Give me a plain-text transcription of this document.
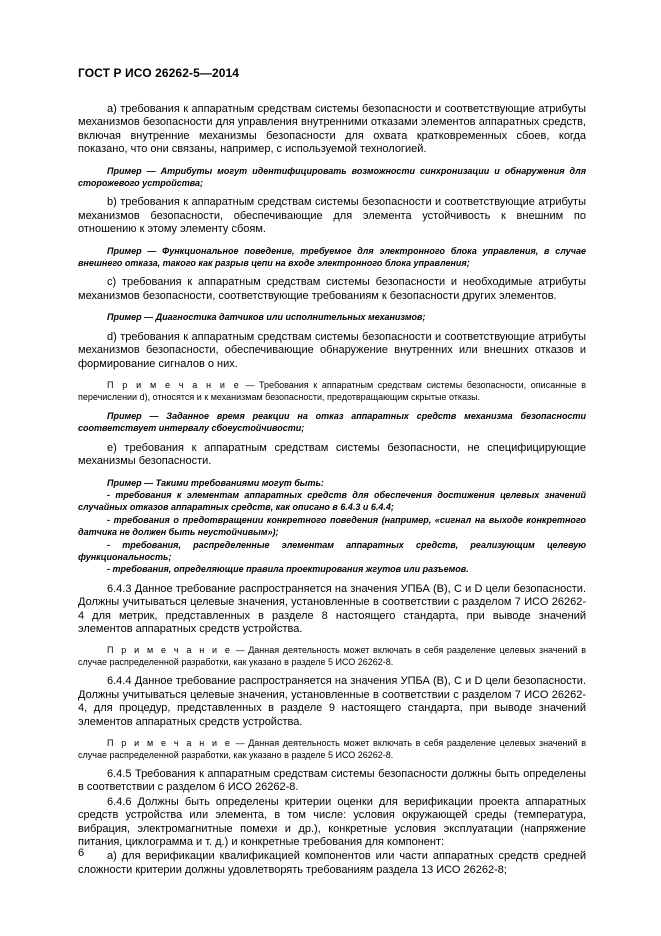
ГОСТ Р ИСО 26262-5—2014

а) требования к аппаратным средствам системы безопасности и соответствующие атрибуты механизмов безопасности для управления внутренними отказами элементов аппаратных средств, включая внутренние механизмы безопасности для охвата кратковременных сбоев, когда показано, что они связаны, например, с используемой технологией.

Пример — Атрибуты могут идентифицировать возможности синхронизации и обнаружения для сторожевого устройства;

b) требования к аппаратным средствам системы безопасности и соответствующие атрибуты механизмов безопасности, обеспечивающие для элемента устойчивость к внешним по отношению к этому элементу сбоям.

Пример — Функциональное поведение, требуемое для электронного блока управления, в случае внешнего отказа, такого как разрыв цепи на входе электронного блока управления;

c) требования к аппаратным средствам системы безопасности и необходимые атрибуты механизмов безопасности, соответствующие требованиям к безопасности других элементов.

Пример — Диагностика датчиков или исполнительных механизмов;

d) требования к аппаратным средствам системы безопасности и соответствующие атрибуты механизмов безопасности, обеспечивающие обнаружение внутренних или внешних отказов и формирование сигналов о них.

П р и м е ч а н и е — Требования к аппаратным средствам системы безопасности, описанные в перечислении d), относятся и к механизмам безопасности, предотвращающим скрытые отказы.

Пример — Заданное время реакции на отказ аппаратных средств механизма безопасности соответствует интервалу сбоеустойчивости;

e) требования к аппаратным средствам системы безопасности, не специфицирующие механизмы безопасности.

Пример — Такими требованиями могут быть:

- требования к элементам аппаратных средств для обеспечения достижения целевых значений случайных отказов аппаратных средств, как описано в 6.4.3 и 6.4.4;

- требования о предотвращении конкретного поведения (например, «сигнал на выходе конкретного датчика не должен быть неустойчивым»);

- требования, распределенные элементам аппаратных средств, реализующим целевую функциональность;

- требования, определяющие правила проектирования жгутов или разъемов.

6.4.3 Данное требование распространяется на значения УПБА (B), C и D цели безопасности. Должны учитываться целевые значения, установленные в соответствии с разделом 7 ИСО 26262-4 для метрик, представленных в разделе 8 настоящего стандарта, при выводе значений элементов аппаратных средств устройства.

П р и м е ч а н и е — Данная деятельность может включать в себя разделение целевых значений в случае распределенной разработки, как указано в разделе 5 ИСО 26262-8.

6.4.4 Данное требование распространяется на значения УПБА (B), C и D цели безопасности. Должны учитываться целевые значения, установленные в соответствии с разделом 7 ИСО 26262-4, для процедур, представленных в разделе 9 настоящего стандарта, при выводе значений элементов аппаратных средств устройства.

П р и м е ч а н и е — Данная деятельность может включать в себя разделение целевых значений в случае распределенной разработки, как указано в разделе 5 ИСО 26262-8.

6.4.5 Требования к аппаратным средствам системы безопасности должны быть определены в соответствии с разделом 6 ИСО 26262-8.

6.4.6 Должны быть определены критерии оценки для верификации проекта аппаратных средств устройства или элемента, в том числе: условия окружающей среды (температура, вибрация, электромагнитные помехи и др.), конкретные условия эксплуатации (напряжение питания, циклограмма и т. д.) и конкретные требования для компонент:

а) для верификации квалификацией компонентов или части аппаратных средств средней сложности критерии должны удовлетворять требованиям раздела 13 ИСО 26262-8;

6
